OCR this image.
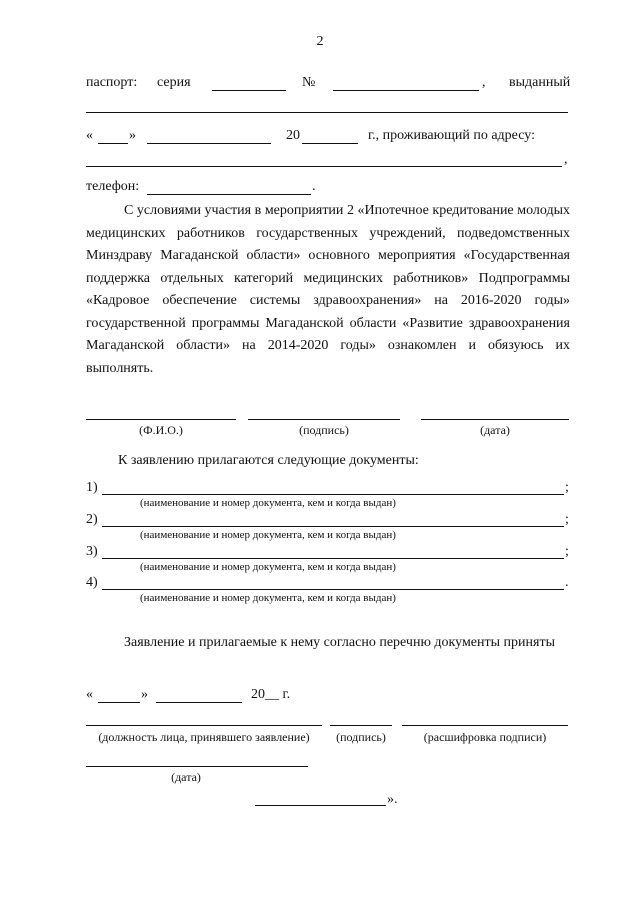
2
паспорт: серия	№	, выданный
«	»	20	г., проживающий по адресу:
,
телефон:	.

С условиями участия в мероприятии 2 «Ипотечное кредитование молодых медицинских работников государственных учреждений, подведомственных Минздраву Магаданской области» основного мероприятия «Государственная поддержка отдельных категорий медицинских работников» Подпрограммы «Кадровое обеспечение системы здравоохранения» на 2016-2020 годы» государственной программы Магаданской области «Развитие здравоохранения Магаданской области» на 2014-2020 годы» ознакомлен и обязуюсь их выполнять.

(Ф.И.О.)	(подпись)	(дата)
К заявлению прилагаются следующие документы:
1)	;
(наименование и номер документа, кем и когда выдан)
2)	;
(наименование и номер документа, кем и когда выдан)
3)	;
(наименование и номер документа, кем и когда выдан)
4)	.
(наименование и номер документа, кем и когда выдан)

Заявление и прилагаемые к нему согласно перечню документы приняты

«	»	20__ г.
(должность лица, принявшего заявление)	(подпись)	(расшифровка подписи)
(дата)
».
